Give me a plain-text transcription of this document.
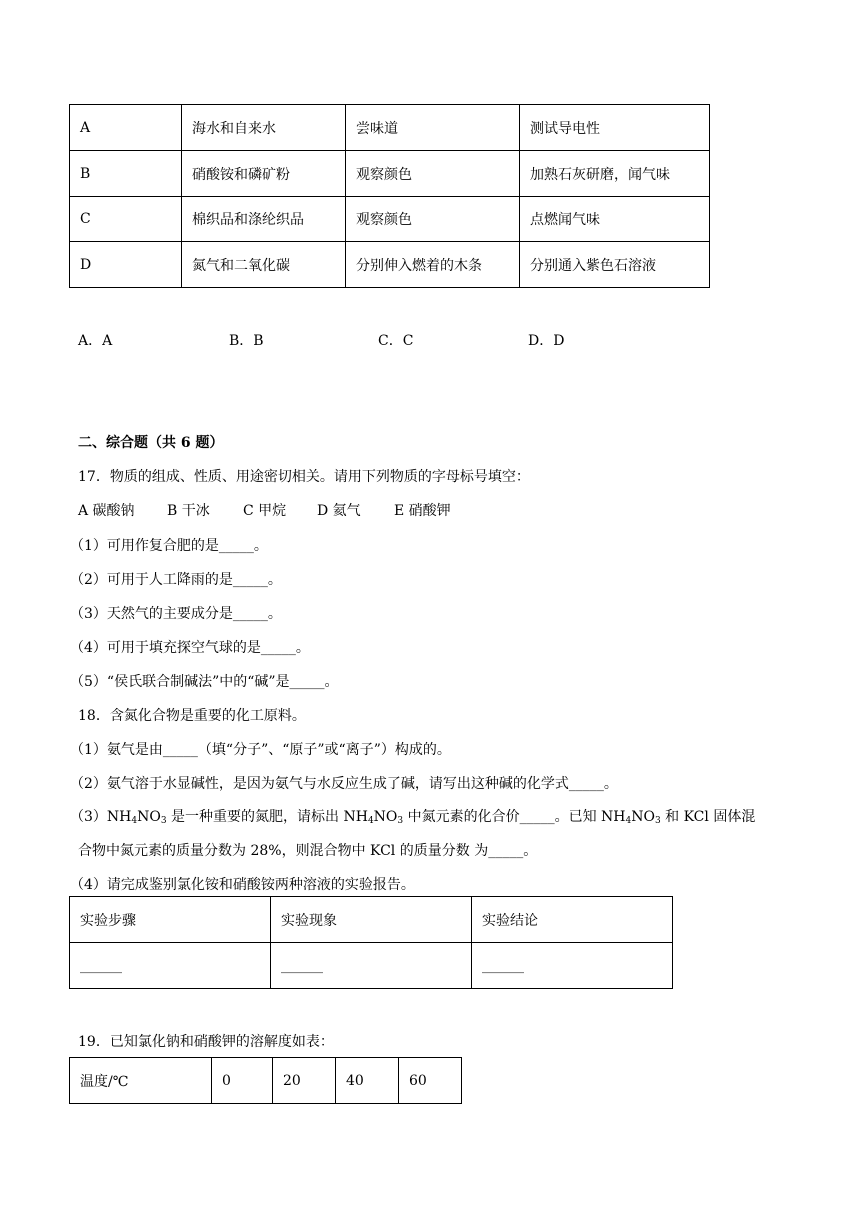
A	海水和自来水	尝味道	测试导电性
B	硝酸铵和磷矿粉	观察颜色	加熟石灰研磨，闻气味
C	棉织品和涤纶织品	观察颜色	点燃闻气味
D	氮气和二氧化碳	分别伸入燃着的木条	分别通入紫色石溶液
A．A	B．B	C．C	D．D
二、综合题（共 6 题）
17．物质的组成、性质、用途密切相关。请用下列物质的字母标号填空：
A 碳酸钠 B 干冰 C 甲烷 D 氦气 E 硝酸钾
（1）可用作复合肥的是_____。
（2）可用于人工降雨的是_____。
（3）天然气的主要成分是_____。
（4）可用于填充探空气球的是_____。
（5）“侯氏联合制碱法”中的“碱”是_____。
18．含氮化合物是重要的化工原料。
（1）氨气是由_____（填“分子”、“原子”或“离子”）构成的。
（2）氨气溶于水显碱性，是因为氨气与水反应生成了碱，请写出这种碱的化学式_____。
$(3)NH_4NO_3$ 是一种重要的氮肥，请标出 $NH_4NO_3$ 中氮元素的化合价_____。已知 $NH_4NO_3$ 和 KCl 固体混
合物中氮元素的质量分数为 28%，则混合物中 KCl 的质量分数 为_____。
（4）请完成鉴别氯化铵和硝酸铵两种溶液的实验报告。
实验步骤	实验现象	实验结论
______	______	______
19．已知氯化钠和硝酸钾的溶解度如表：
温度/℃	0	20	40	60
